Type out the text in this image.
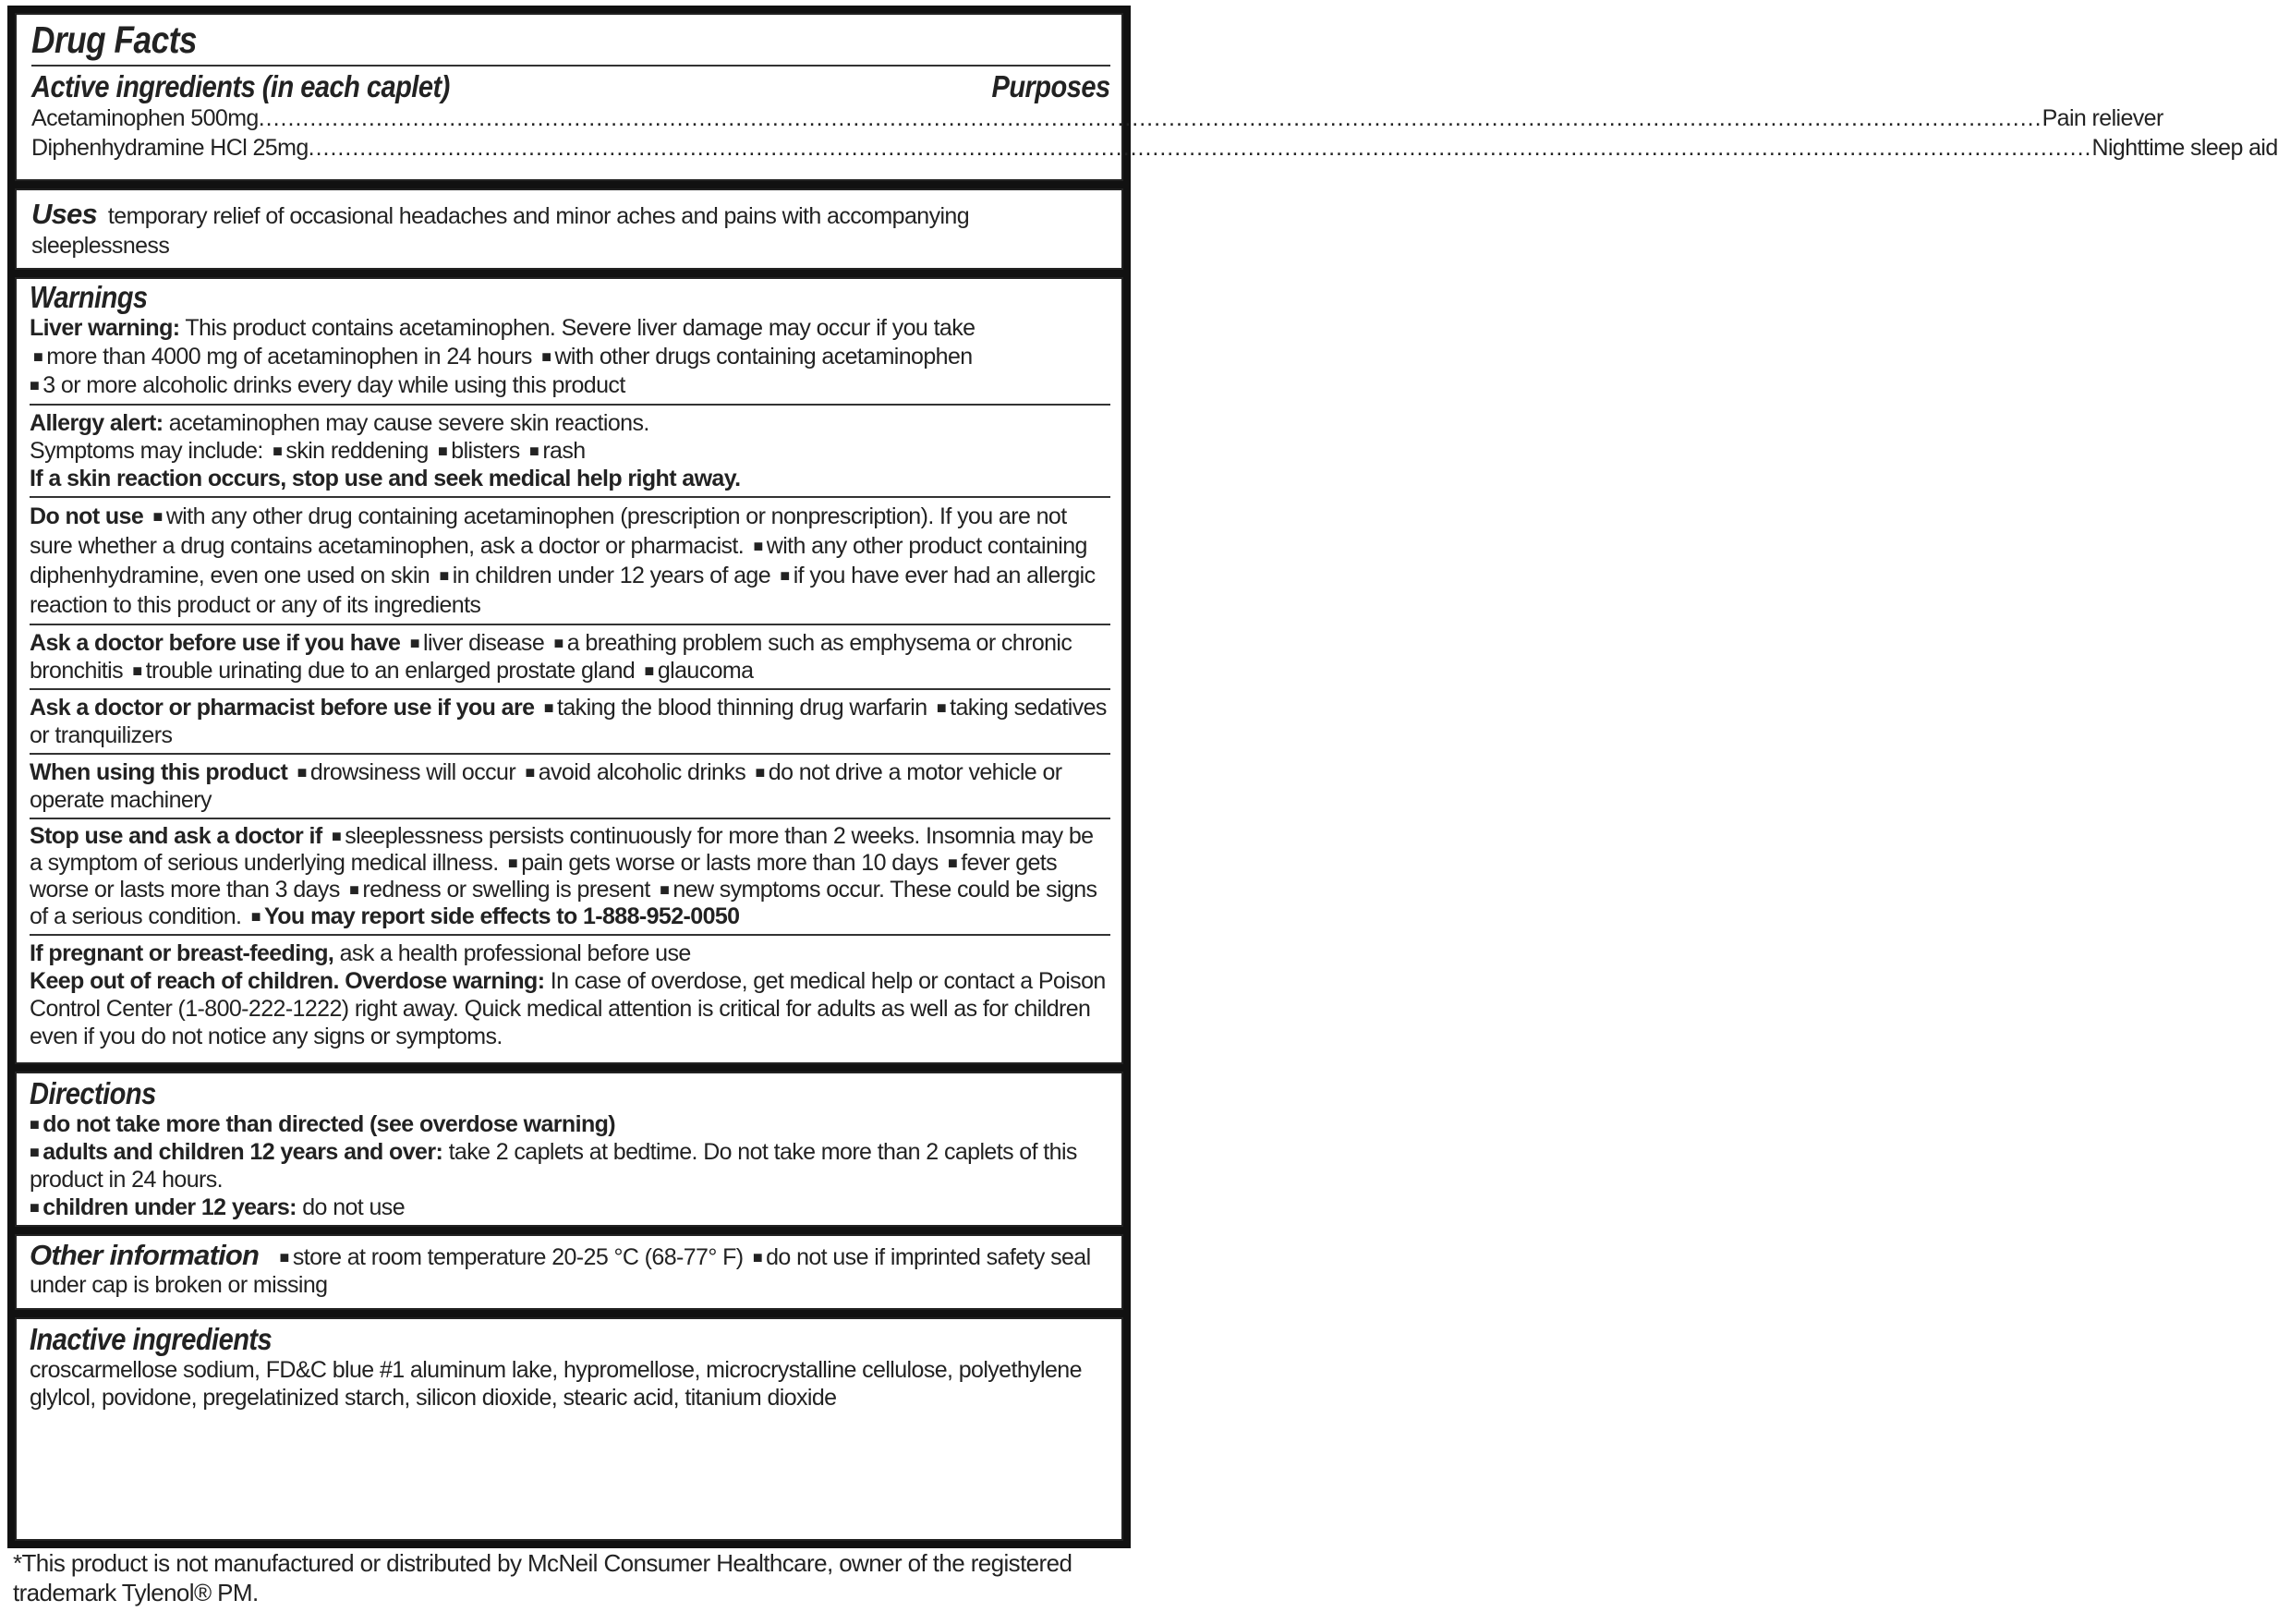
Drug Facts
Active ingredients (in each caplet)	Purposes
Acetaminophen 500mg ................................................................................................................................................................................................................................................... Pain reliever
Diphenhydramine HCl 25mg ................................................................................................................................................................................................................................................... Nighttime sleep aid

Uses temporary relief of occasional headaches and minor aches and pains with accompanying sleeplessness

Warnings

Liver warning: This product contains acetaminophen. Severe liver damage may occur if you take
■ more than 4000 mg of acetaminophen in 24 hours ■ with other drugs containing acetaminophen
■ 3 or more alcoholic drinks every day while using this product

Allergy alert: acetaminophen may cause severe skin reactions.
Symptoms may include: ■ skin reddening ■ blisters ■ rash
If a skin reaction occurs, stop use and seek medical help right away.

Do not use ■ with any other drug containing acetaminophen (prescription or nonprescription). If you are not sure whether a drug contains acetaminophen, ask a doctor or pharmacist. ■ with any other product containing diphenhydramine, even one used on skin ■ in children under 12 years of age ■ if you have ever had an allergic reaction to this product or any of its ingredients

Ask a doctor before use if you have ■ liver disease ■ a breathing problem such as emphysema or chronic bronchitis ■ trouble urinating due to an enlarged prostate gland ■ glaucoma

Ask a doctor or pharmacist before use if you are ■ taking the blood thinning drug warfarin ■ taking sedatives or tranquilizers

When using this product ■ drowsiness will occur ■ avoid alcoholic drinks ■ do not drive a motor vehicle or operate machinery

Stop use and ask a doctor if ■ sleeplessness persists continuously for more than 2 weeks. Insomnia may be a symptom of serious underlying medical illness. ■ pain gets worse or lasts more than 10 days ■ fever gets worse or lasts more than 3 days ■ redness or swelling is present ■ new symptoms occur. These could be signs of a serious condition. ■ You may report side effects to 1-888-952-0050

If pregnant or breast-feeding, ask a health professional before use
Keep out of reach of children. Overdose warning: In case of overdose, get medical help or contact a Poison Control Center (1-800-222-1222) right away. Quick medical attention is critical for adults as well as for children even if you do not notice any signs or symptoms.

Directions

■ do not take more than directed (see overdose warning)
■ adults and children 12 years and over: take 2 caplets at bedtime. Do not take more than 2 caplets of this product in 24 hours.
■ children under 12 years: do not use

Other information ■ store at room temperature 20-25 °C (68-77° F) ■ do not use if imprinted safety seal under cap is broken or missing

Inactive ingredients

croscarmellose sodium, FD&C blue #1 aluminum lake, hypromellose, microcrystalline cellulose, polyethylene glylcol, povidone, pregelatinized starch, silicon dioxide, stearic acid, titanium dioxide

*This product is not manufactured or distributed by McNeil Consumer Healthcare, owner of the registered trademark Tylenol® PM.
